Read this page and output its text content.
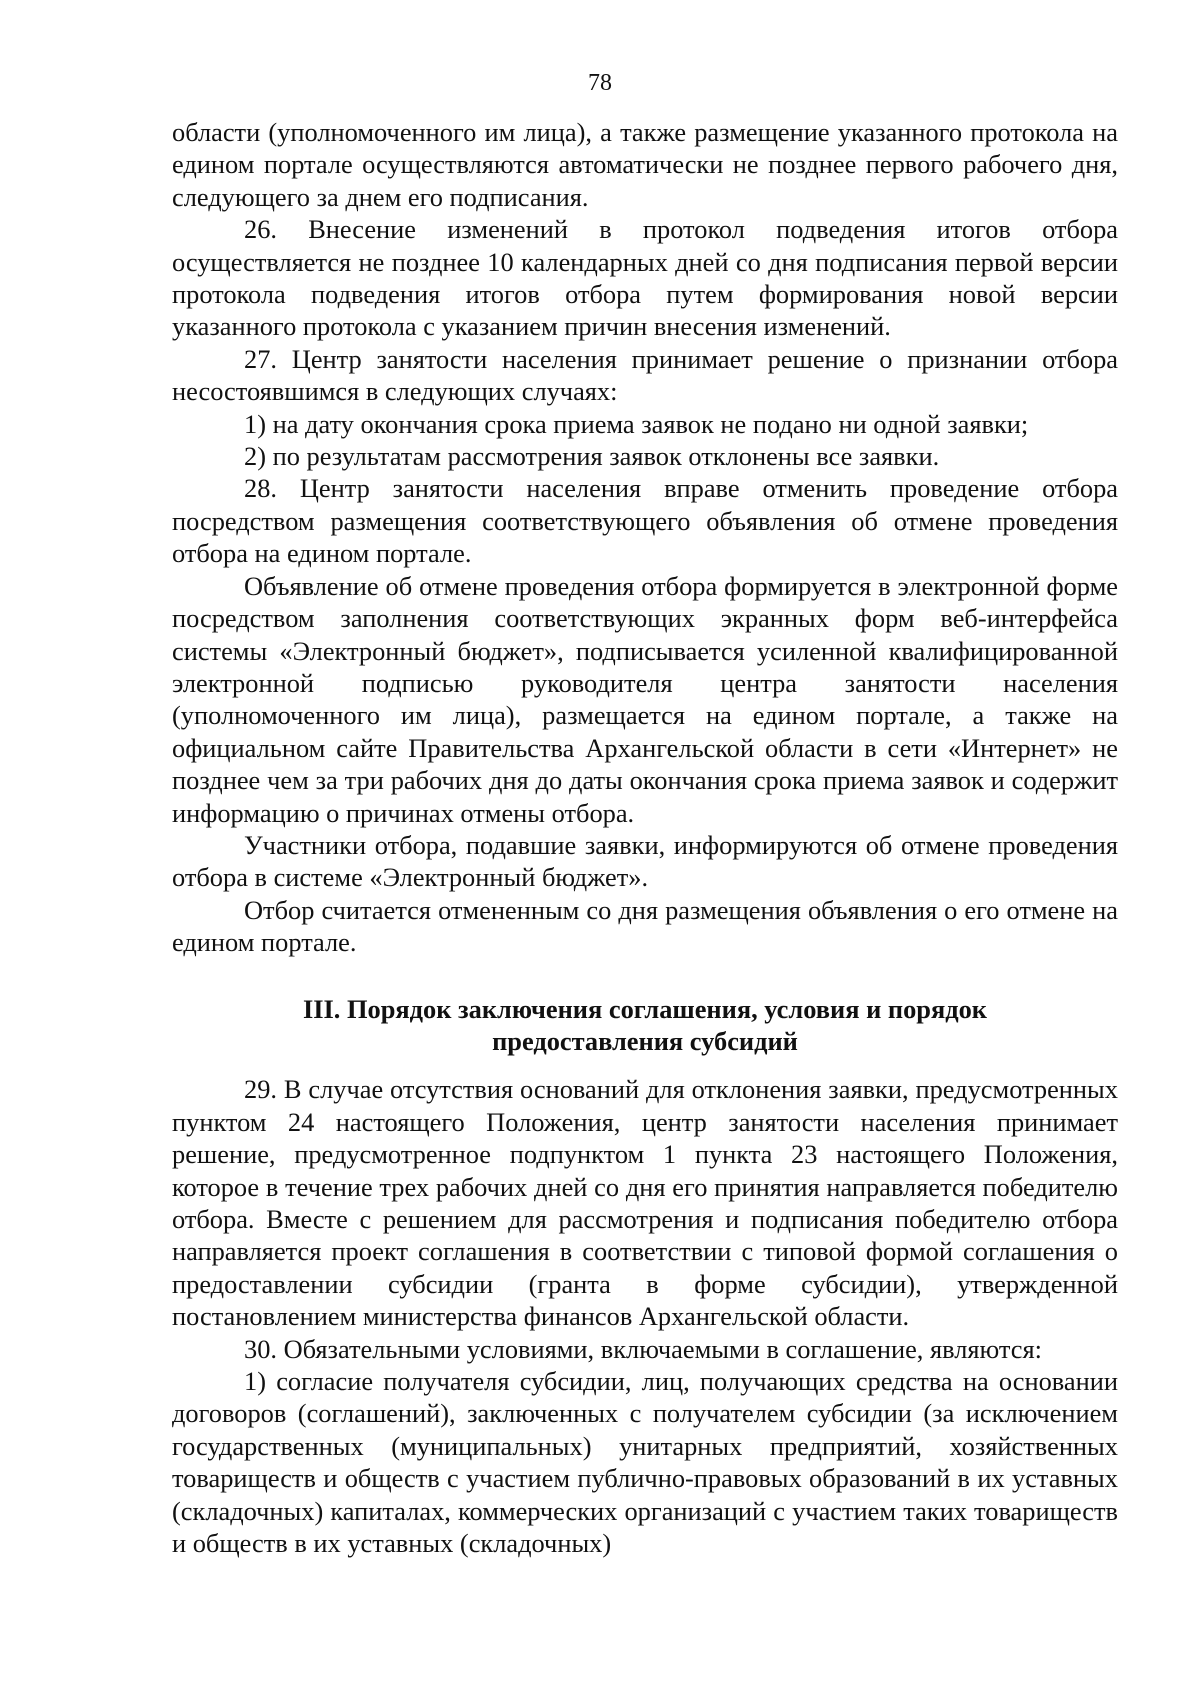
78

области (уполномоченного им лица), а также размещение указанного протокола на едином портале осуществляются автоматически не позднее первого рабочего дня, следующего за днем его подписания.

26. Внесение изменений в протокол подведения итогов отбора осуществляется не позднее 10 календарных дней со дня подписания первой версии протокола подведения итогов отбора путем формирования новой версии указанного протокола с указанием причин внесения изменений.

27. Центр занятости населения принимает решение о признании отбора несостоявшимся в следующих случаях:

1) на дату окончания срока приема заявок не подано ни одной заявки;

2) по результатам рассмотрения заявок отклонены все заявки.

28. Центр занятости населения вправе отменить проведение отбора посредством размещения соответствующего объявления об отмене проведения отбора на едином портале.

Объявление об отмене проведения отбора формируется в электронной форме посредством заполнения соответствующих экранных форм веб-интерфейса системы «Электронный бюджет», подписывается усиленной квалифицированной электронной подписью руководителя центра занятости населения (уполномоченного им лица), размещается на едином портале, а также на официальном сайте Правительства Архангельской области в сети «Интернет» не позднее чем за три рабочих дня до даты окончания срока приема заявок и содержит информацию о причинах отмены отбора.

Участники отбора, подавшие заявки, информируются об отмене проведения отбора в системе «Электронный бюджет».

Отбор считается отмененным со дня размещения объявления о его отмене на едином портале.

III. Порядок заключения соглашения, условия и порядок
предоставления субсидий

29. В случае отсутствия оснований для отклонения заявки, предусмотренных пунктом 24 настоящего Положения, центр занятости населения принимает решение, предусмотренное подпунктом 1 пункта 23 настоящего Положения, которое в течение трех рабочих дней со дня его принятия направляется победителю отбора. Вместе с решением для рассмотрения и подписания победителю отбора направляется проект соглашения в соответствии с типовой формой соглашения о предоставлении субсидии (гранта в форме субсидии), утвержденной постановлением министерства финансов Архангельской области.

30. Обязательными условиями, включаемыми в соглашение, являются:

1) согласие получателя субсидии, лиц, получающих средства на основании договоров (соглашений), заключенных с получателем субсидии (за исключением государственных (муниципальных) унитарных предприятий, хозяйственных товариществ и обществ с участием публично-правовых образований в их уставных (складочных) капиталах, коммерческих организаций с участием таких товариществ и обществ в их уставных (складочных)
